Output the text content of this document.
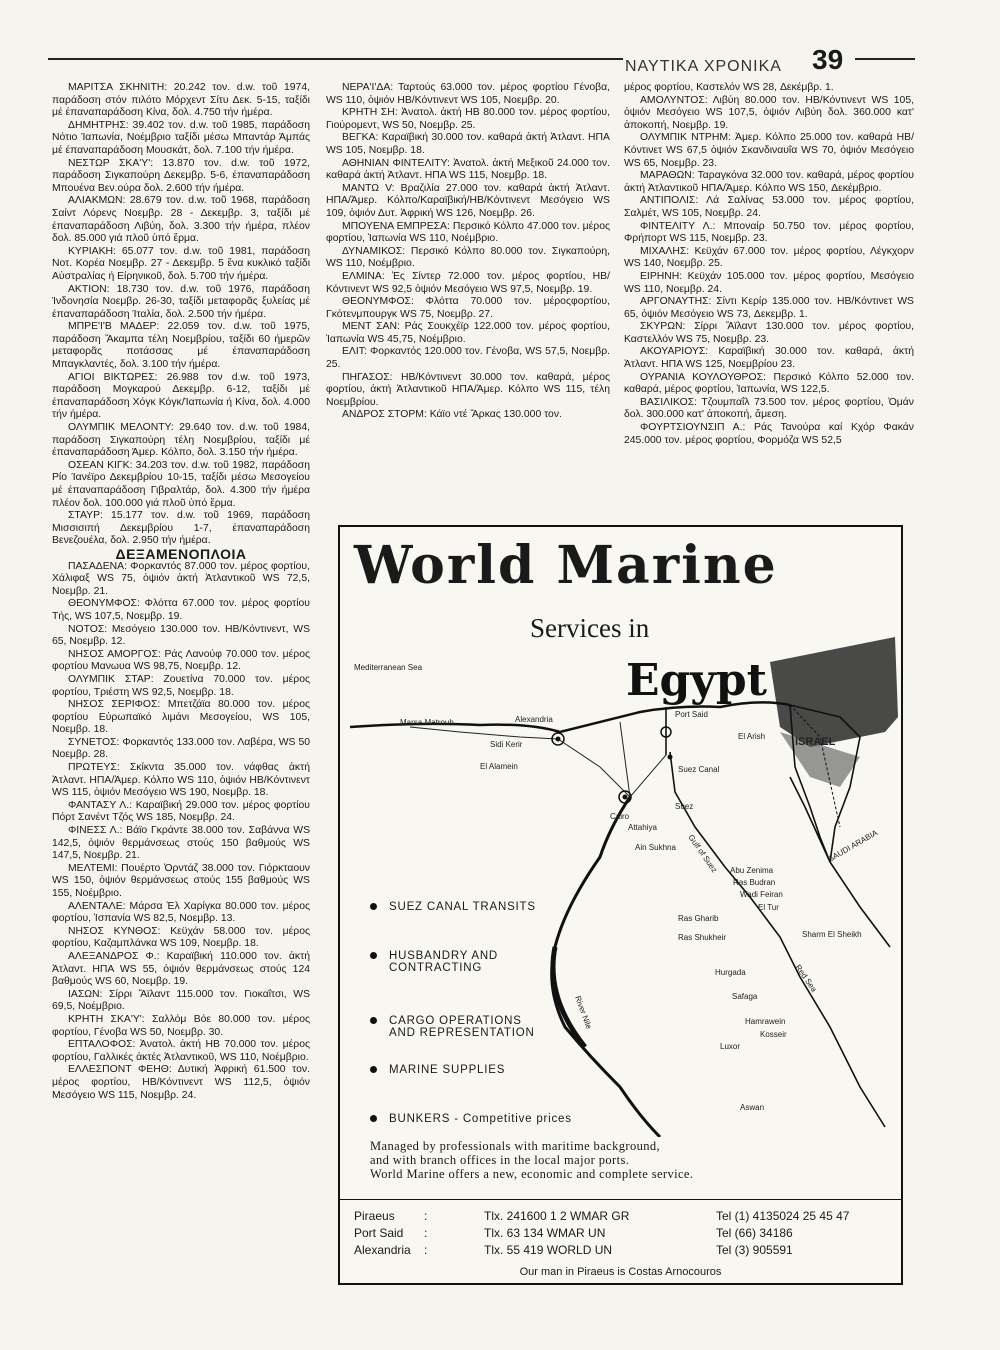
ΝΑΥΤΙΚΑ ΧΡΟΝΙΚΑ 39

ΜΑΡΙΤΣΑ ΣΚΗΝΙΤΗ: 20.242 τον. d.w. τοῦ 1974, παράδοση στόν πιλότο Μόρχεντ Σίτυ Δεκ. 5-15, ταξίδι μέ έπαναπαράδοση Κίνα, δολ. 4.750 τήν ήμέρα.

ΔΗΜΗΤΡΗΣ: 39.402 τον. d.w. τοῦ 1985, παράδοση Νότιο Ίαπωνία, Νοέμβριο ταξίδι μέσω Μπαντάρ Άμπάς μέ έπαναπαράδοση Μουσκάτ, δολ. 7.100 τήν ήμέρα.

ΝΕΣΤΩΡ ΣΚΑ'Υ': 13.870 τον. d.w. τοῦ 1972, παράδοση Σιγκαπούρη Δεκεμβρ. 5-6, έπαναπαράδοση Μπουένα Βεν.ούρα δολ. 2.600 τήν ήμέρα.

ΑΛΙΑΚΜΩΝ: 28.679 τον. d.w. τοῦ 1968, παράδοση Σαίντ Λόρενς Νοεμβρ. 28 - Δεκεμβρ. 3, ταξίδι μέ έπαναπαράδοση Λιβύη, δολ. 3.300 τήν ήμέρα, πλέον δολ. 85.000 γιά πλοῦ ὑπό ἔρμα.

ΚΥΡΙΑΚΗ: 65.077 τον. d.w. τοῦ 1981, παράδοση Νοτ. Κορέα Νοεμβρ. 27 - Δεκεμβρ. 5 ἕνα κυκλικό ταξίδι Αὐστραλίας ή Είρηνικοῦ, δολ. 5.700 τήν ήμέρα.

ΑΚΤΙΟΝ: 18.730 τον. d.w. τοῦ 1976, παράδοση Ίνδονησία Νοεμβρ. 26-30, ταξίδι μεταφορᾶς ξυλείας μέ έπαναπαράδοση Ίταλία, δολ. 2.500 τήν ήμέρα.

ΜΠΡΕ'Ι'Β ΜΑΔΕΡ: 22.059 τον. d.w. τοῦ 1975, παράδοση Ἄκαμπα τέλη Νοεμβρίου, ταξίδι 60 ήμερῶν μεταφορᾶς ποτάσσας μέ έπαναπαράδοση Μπαγκλαντές, δολ. 3.100 τήν ήμέρα.

ΑΓΙΟΙ ΒΙΚΤΩΡΕΣ: 26.988 τον d.w. τοῦ 1973, παράδοση Μογκαρού Δεκεμβρ. 6-12, ταξίδι μέ έπαναπαράδοση Χόγκ Κόγκ/Ίαπωνία ή Κίνα, δολ. 4.000 τήν ήμέρα.

ΟΛΥΜΠΙΚ ΜΕΛΟΝΤΥ: 29.640 τον. d.w. τοῦ 1984, παράδοση Σιγκαπούρη τέλη Νοεμβρίου, ταξίδι μέ έπαναπαράδοση Άμερ. Κόλπο, δολ. 3.150 τήν ήμέρα.

ΟΣΕΑΝ ΚΙΓΚ: 34.203 τον. d.w. τοῦ 1982, παράδοση Ρίο Ίανέϊρο Δεκεμβρίου 10-15, ταξίδι μέσω Μεσογείου μέ έπαναπαράδοση Γιβραλτάρ, δολ. 4.300 τήν ήμέρα πλέον δολ. 100.000 γιά πλοῦ ὑπό ἔρμα.

ΣΤΑΥΡ: 15.177 τον. d.w. τοῦ 1969, παράδοση Μισσισιπή Δεκεμβρίου 1-7, έπαναπαράδοση Βενεζουέλα, δολ. 2.950 τήν ήμέρα.

ΔΕΞΑΜΕΝΟΠΛΟΙΑ

ΠΑΣΑΔΕΝΑ: Φορκαντός 87.000 τον. μέρος φορτίου, Χάλιφαξ WS 75, ὀψιόν ἀκτή Ἀτλαντικοῦ WS 72,5, Νοεμβρ. 21.

ΘΕΟΝΥΜΦΟΣ: Φλόττα 67.000 τον. μέρος φορτίου Τής, WS 107,5, Νοεμβρ. 19.

ΝΟΤΟΣ: Μεσόγειο 130.000 τον. ΗΒ/Κόντινεντ, WS 65, Νοεμβρ. 12.

ΝΗΣΟΣ ΑΜΟΡΓΟΣ: Ράς Λανούφ 70.000 τον. μέρος φορτίου Μανωυα WS 98,75, Νοεμβρ. 12.

ΟΛΥΜΠΙΚ ΣΤΑΡ: Ζουετίνα 70.000 τον. μέρος φορτίου, Τριέστη WS 92,5, Νοεμβρ. 18.

ΝΗΣΟΣ ΣΕΡΙΦΟΣ: Μπετζάϊα 80.000 τον. μέρος φορτίου Εὐρωπαϊκό λιμάνι Μεσογείου, WS 105, Νοεμβρ. 18.

ΣΥΝΕΤΟΣ: Φορκαντός 133.000 τον. Λαβέρα, WS 50 Νοεμβρ. 28.

ΠΡΩΤΕΥΣ: Σκίκντα 35.000 τον. νάφθας ἀκτή Ἀτλαντ. ΗΠΑ/Ἀμερ. Κόλπο WS 110, ὀψιόν ΗΒ/Κόντινεντ WS 115, ὀψιόν Μεσόγειο WS 190, Νοεμβρ. 18.

ΦΑΝΤΑΣΥ Λ.: Καραϊβική 29.000 τον. μέρος φορτίου Πόρτ Σανέντ Τζός WS 185, Νοεμβρ. 24.

ΦΙΝΕΣΣ Λ.: Βάϊο Γκράντε 38.000 τον. Σαβάννα WS 142,5, ὀψιόν θερμάνσεως στούς 150 βαθμούς WS 147,5, Νοεμβρ. 21.

ΜΕΛΤΕΜΙ: Πουέρτο Ὀρντάζ 38.000 τον. Γιόρκταουν WS 150, ὀψιόν θερμάνσεως στούς 155 βαθμούς WS 155, Νοέμβριο.

ΑΛΕΝΤΑΛΕ: Μάρσα Ἐλ Χαρίγκα 80.000 τον. μέρος φορτίου, Ἰσπανία WS 82,5, Νοεμβρ. 13.

ΝΗΣΟΣ ΚΥΝΘΟΣ: Κεϋχάν 58.000 τον. μέρος φορτίου, Καζαμπλάνκα WS 109, Νοεμβρ. 18.

ΑΛΕΞΑΝΔΡΟΣ Φ.: Καραϊβική 110.000 τον. ἀκτή Ἀτλαντ. ΗΠΑ WS 55, ὀψιόν θερμάνσεως στούς 124 βαθμούς WS 60, Νοεμβρ. 19.

ΙΑΣΩΝ: Σίρρι Ἄϊλαντ 115.000 τον. Γιοκαΐτσι, WS 69,5, Νοέμβριο.

ΚΡΗΤΗ ΣΚΑ'Υ': Σαλλόμ Βόε 80.000 τον. μέρος φορτίου, Γένοβα WS 50, Νοεμβρ. 30.

ΕΠΤΑΛΟΦΟΣ: Ἀνατολ. ἀκτή ΗΒ 70.000 τον. μέρος φορτίου, Γαλλικές ἀκτές Ἀτλαντικοῦ, WS 110, Νοέμβριο.

ΕΛΛΕΣΠΟΝΤ ΦΕΗΘ: Δυτική Ἀφρική 61.500 τον. μέρος φορτίου, ΗΒ/Κόντινεντ WS 112,5, ὀψιόν Μεσόγειο WS 115, Νοεμβρ. 24.

ΝΕΡΑ'Ι'ΔΑ: Ταρτούς 63.000 τον. μέρος φορτίου Γένοβα, WS 110, ὀψιόν ΗΒ/Κόντινεντ WS 105, Νοεμβρ. 20.

ΚΡΗΤΗ ΣΗ: Ἀνατολ. ἀκτή ΗΒ 80.000 τον. μέρος φορτίου, Γιούρομεντ, WS 50, Νοεμβρ. 25.

ΒΕΓΚΑ: Καραϊβική 30.000 τον. καθαρά ἀκτή Ἀτλαντ. ΗΠΑ WS 105, Νοεμβρ. 18.

ΑΘΗΝΙΑΝ ΦΙΝΤΕΛΙΤΥ: Ἀνατολ. ἀκτή Μεξικοῦ 24.000 τον. καθαρά ἀκτή Ἀτλαντ. ΗΠΑ WS 115, Νοεμβρ. 18.

ΜΑΝΤΩ V: Βραζιλία 27.000 τον. καθαρά ἀκτή Ἀτλαντ. ΗΠΑ/Ἀμερ. Κόλπο/Καραϊβική/ΗΒ/Κόντινεντ Μεσόγειο WS 109, ὀψιόν Δυτ. Ἀφρική WS 126, Νοεμβρ. 26.

ΜΠΟΥΕΝΑ ΕΜΠΡΕΣΑ: Περσικό Κόλπο 47.000 τον. μέρος φορτίου, Ἰαπωνία WS 110, Νοέμβριο.

ΔΥΝΑΜΙΚΟΣ: Περσικό Κόλπο 80.000 τον. Σιγκαπούρη, WS 110, Νοέμβριο.

ΕΛΜΙΝΑ: Ἐς Σίντερ 72.000 τον. μέρος φορτίου, ΗΒ/Κόντινεντ WS 92,5 ὀψιόν Μεσόγειο WS 97,5, Νοεμβρ. 19.

ΘΕΟΝΥΜΦΟΣ: Φλόττα 70.000 τον. μέροςφορτίου, Γκότενμπουργκ WS 75, Νοεμβρ. 27.

ΜΕΝΤ ΣΑΝ: Ράς Σουκχέϊρ 122.000 τον. μέρος φορτίου, Ἰαπωνία WS 45,75, Νοέμβριο.

ΕΛΙΤ: Φορκαντός 120.000 τον. Γένοβα, WS 57,5, Νοεμβρ. 25.

ΠΗΓΑΣΟΣ: ΗΒ/Κόντινεντ 30.000 τον. καθαρά, μέρος φορτίου, ἀκτή Ἀτλαντικοῦ ΗΠΑ/Ἀμερ. Κόλπο WS 115, τέλη Νοεμβρίου.

ΑΝΔΡΟΣ ΣΤΟΡΜ: Κάϊο ντέ Ἄρκας 130.000 τον.

μέρος φορτίου, Καστελόν WS 28, Δεκέμβρ. 1.

ΑΜΟΛΥΝΤΟΣ: Λιβύη 80.000 τον. ΗΒ/Κόντινεντ WS 105, ὀψιόν Μεσόγειο WS 107,5, ὀψιόν Λιβύη δολ. 360.000 κατ' ἀποκοπή, Νοεμβρ. 19.

ΟΛΥΜΠΙΚ ΝΤΡΗΜ: Ἀμερ. Κόλπο 25.000 τον. καθαρά ΗΒ/Κόντινετ WS 67,5 ὀψιόν Σκανδιναυΐα WS 70, ὀψιόν Μεσόγειο WS 65, Νοεμβρ. 23.

ΜΑΡΑΘΩΝ: Ταραγκόνα 32.000 τον. καθαρά, μέρος φορτίου ἀκτή Ἀτλαντικοῦ ΗΠΑ/Ἀμερ. Κόλπο WS 150, Δεκέμβριο.

ΑΝΤΙΠΟΛΙΣ: Λά Σαλίνας 53.000 τον. μέρος φορτίου, Σαλμέτ, WS 105, Νοεμβρ. 24.

ΦΙΝΤΕΛΙΤΥ Λ.: Μποναίρ 50.750 τον. μέρος φορτίου, Φρήπορτ WS 115, Νοεμβρ. 23.

ΜΙΧΑΛΗΣ: Κεϋχάν 67.000 τον. μέρος φορτίου, Λέγκχορν WS 140, Νοεμβρ. 25.

ΕΙΡΗΝΗ: Κεϋχάν 105.000 τον. μέρος φορτίου, Μεσόγειο WS 110, Νοεμβρ. 24.

ΑΡΓΟΝΑΥΤΗΣ: Σίντι Κερίρ 135.000 τον. ΗΒ/Κόντινετ WS 65, ὀψιόν Μεσόγειο WS 73, Δεκεμβρ. 1.

ΣΚΥΡΩΝ: Σίρρι Ἄϊλαντ 130.000 τον. μέρος φορτίου, Καστελλόν WS 75, Νοεμβρ. 23.

ΑΚΟΥΑΡΙΟΥΣ: Καραϊβική 30.000 τον. καθαρά, ἀκτή Ἀτλαντ. ΗΠΑ WS 125, Νοεμβρίου 23.

ΟΥΡΑΝΙΑ ΚΟΥΛΟΥΘΡΟΣ: Περσικό Κόλπο 52.000 τον. καθαρά, μέρος φορτίου, Ἰαπωνία, WS 122,5.

ΒΑΣΙΛΙΚΟΣ: Τζουμπαΐλ 73.500 τον. μέρος φορτίου, Ὀμάν δολ. 300.000 κατ' ἀποκοπή, ἄμεση.

ΦΟΥΡΤΣΙΟΥΝΣΙΠ Α.: Ράς Τανούρα καί Κχόρ Φακάν 245.000 τον. μέρος φορτίου, Φορμόζα WS 52,5

Mediterranean Sea
ISRAEL
SAUDI ARABIA
Red Sea
River Nile
Marsa Matrouh	Alexandria
Sidi Kerir
El Alamein
Port Said
El Arish
Suez Canal
Cairo
Suez
Attahiya
Ain Sukhna Gulf of Suez Abu Zenima
Ras Budran
Wadi Feiran
El Tur
Ras Gharib
Ras Shukheir	Sharm El Sheikh
Hurgada
Safaga
Hamrawein
Kosseir
Luxor
Aswan
World Marine
Services in
Egypt
SUEZ CANAL TRANSITS
HUSBANDRY AND
CONTRACTING
CARGO OPERATIONS
AND REPRESENTATION
MARINE SUPPLIES
BUNKERS - Competitive prices
Managed by professionals with maritime background,
and with branch offices in the local major ports.
World Marine offers a new, economic and complete service.
Piraeus :	Tlx. 241600 1 2 WMAR GR	Tel (1) 4135024 25 45 47
Port Said :	Tlx. 63 134 WMAR UN	Tel (66) 34186
Alexandria :	Tlx. 55 419 WORLD UN	Tel (3) 905591
Our man in Piraeus is Costas Arnocouros
